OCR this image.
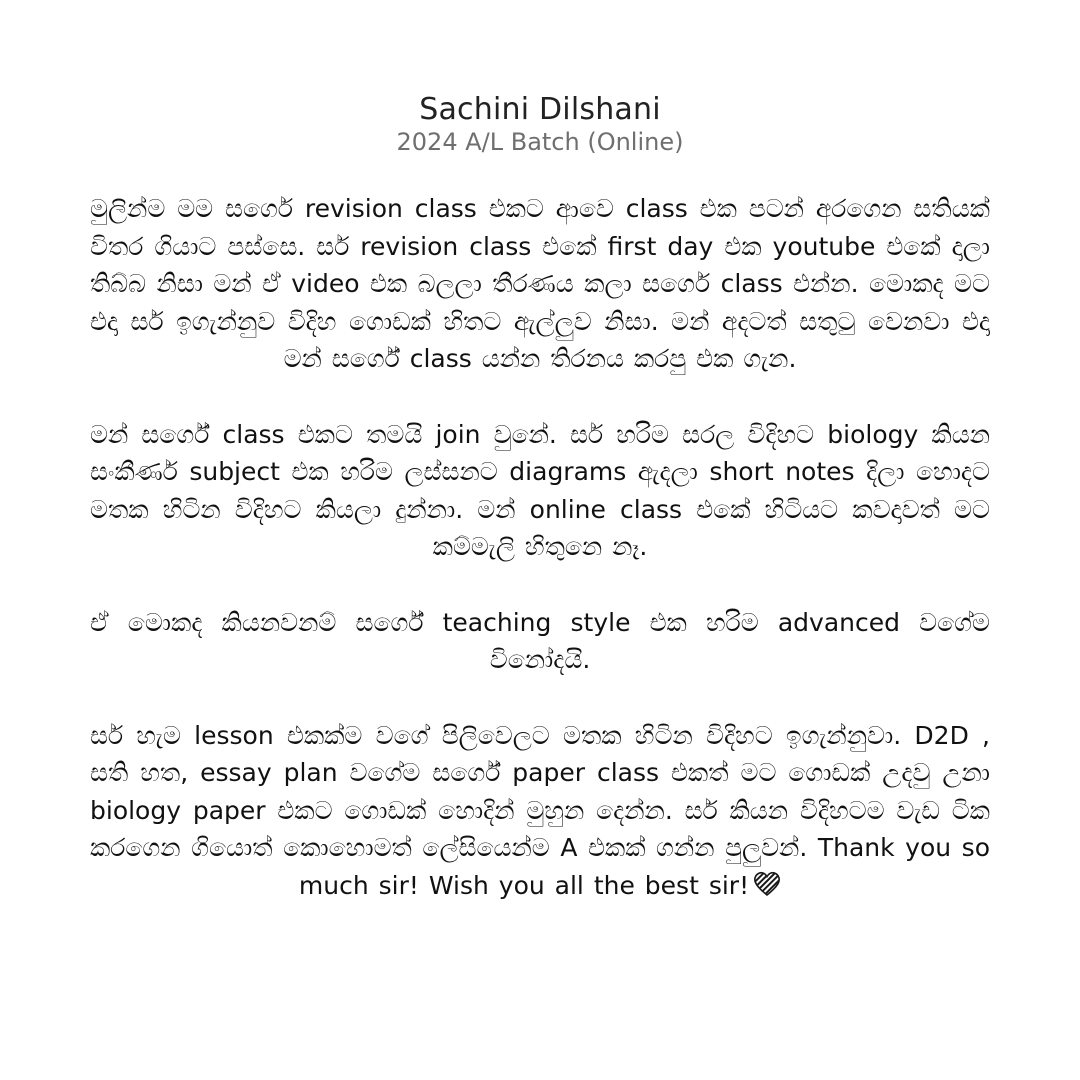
Sachini Dilshani
2024 A/L Batch (Online)

මුලින්ම මම සර්ගෙ revision class එකට ආවෙ class එක පටන් අරගෙන සතියක් විතර ගියාට පස්සෙ. සර් revision class එකේ first day එක youtube එකේ දාලා තිබ්බ නිසා මන් ඒ video එක බලලා තීරණය කලා සර්ගෙ class එන්න. මොකද මට එදා සර් ඉගැන්නුව විදිහ ගොඩක් හිතට ඇල්ලුව නිසා. මන් අදටත් සතුටු වෙනවා එදා මන් සර්ගේ class යන්න තිරනය කරපු එක ගැන.

මන් සර්ගේ class එකට තමයි join වුනේ. සර් හරිම සරල විදිහට biology කියන සංකීර්ණ subject එක හරිම ලස්සනට diagrams ඇදලා short notes දිලා හොදට මතක හිටින විදිහට කියලා දුන්නා. මන් online class එකේ හිටියට කවදාවත් මට කම්මැලි හිතුනෙ නෑ.

ඒ මොකද කියනවනම් සර්ගේ teaching style එක හරිම advanced වගේම විනෝදයි.

සර් හැම lesson එකක්ම වගේ පිලිවෙලට මතක හිටින විදිහට ඉගැන්නුවා. D2D , සති හත, essay plan වගේම සර්ගේ paper class එකත් මට ගොඩක් උදවු උනා biology paper එකට ගොඩක් හොදින් මුහුන දෙන්න. සර් කියන විදිහටම වැඩ ටික කරගෙන ගියොත් කොහොමත් ලේසියෙන්ම A එකක් ගන්න පුලුවන්. Thank you so much sir! Wish you all the best sir!
